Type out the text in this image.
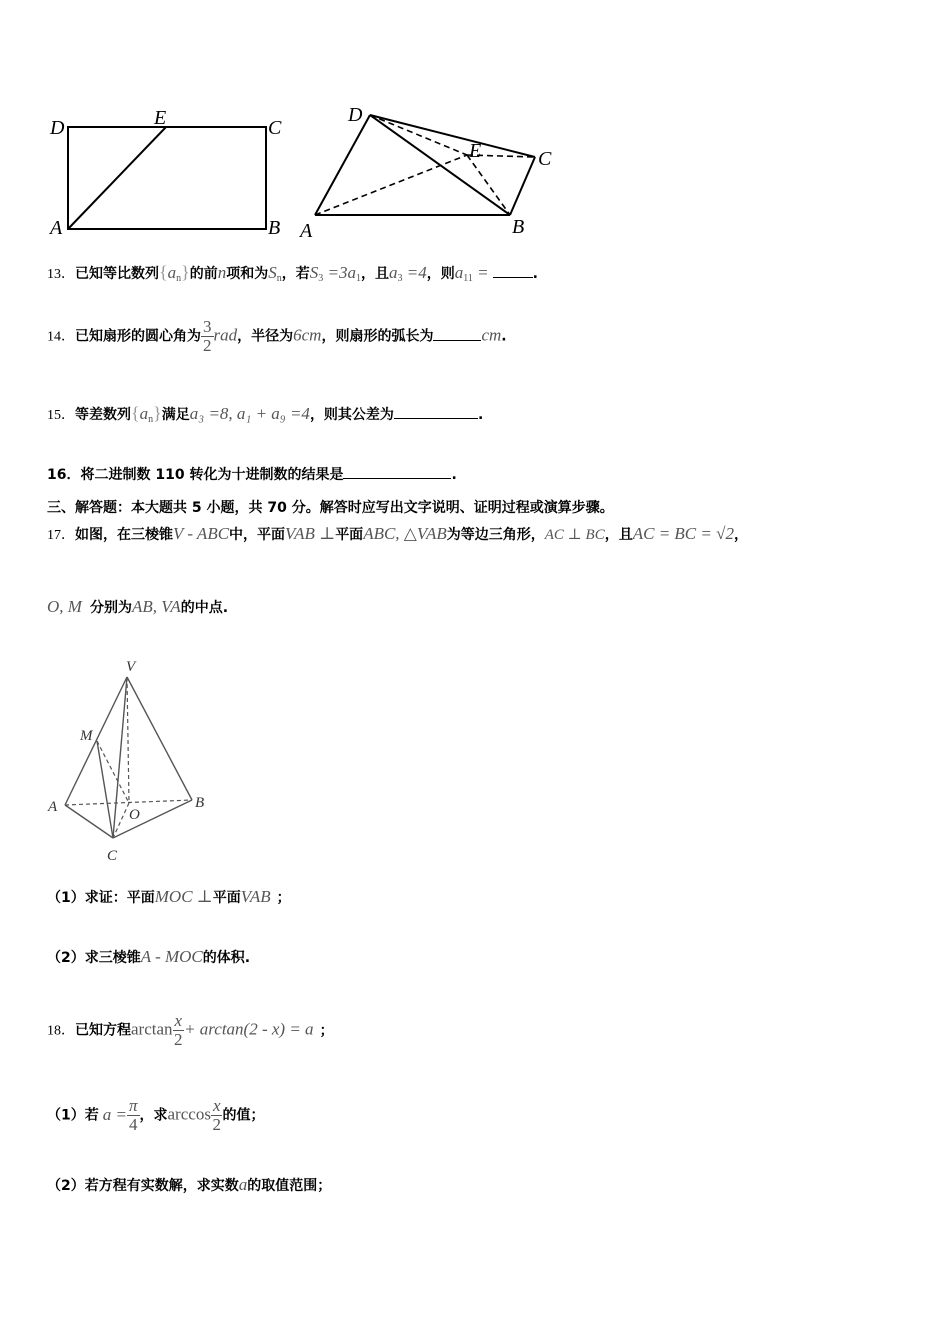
D	E	C
A	B
D
E	C
A	B
13．已知等比数列$\{a_n\}$的前n项和为$S_n$，若$S_3 =3a_1$，且$a_3 =4$，则$a_{11}$ =	.
14．已知扇形的圆心角为 $\frac{3}{2}$ rad，半径为6cm，则扇形的弧长为	cm.
15．等差数列$\{a_n\}$满足a₃ =8, a₁ + a₉ =4，则其公差为	.
16．将二进制数 110 转化为十进制数的结果是	.
三、解答题：本大题共 5 小题，共 70 分。解答时应写出文字说明、证明过程或演算步骤。
17．如图，在三棱锥V - ABC中，平面VAB ⊥平面ABC, △VAB为等边三角形，AC ⊥ BC，且AC = BC = √2，
O, M 分别为AB, VA的中点.
V
M
A	B
O
C
（1）求证：平面MOC ⊥平面VAB ；
（2）求三棱锥A - MOC的体积.
18．已知方程$\arctan \frac{x}{2} + \arctan(2 - x) = a$ ；
（1）若 $a = \frac{\pi}{4}$ ，求$\arccos \frac{x}{2}$ 的值；
（2）若方程有实数解，求实数a的取值范围；
